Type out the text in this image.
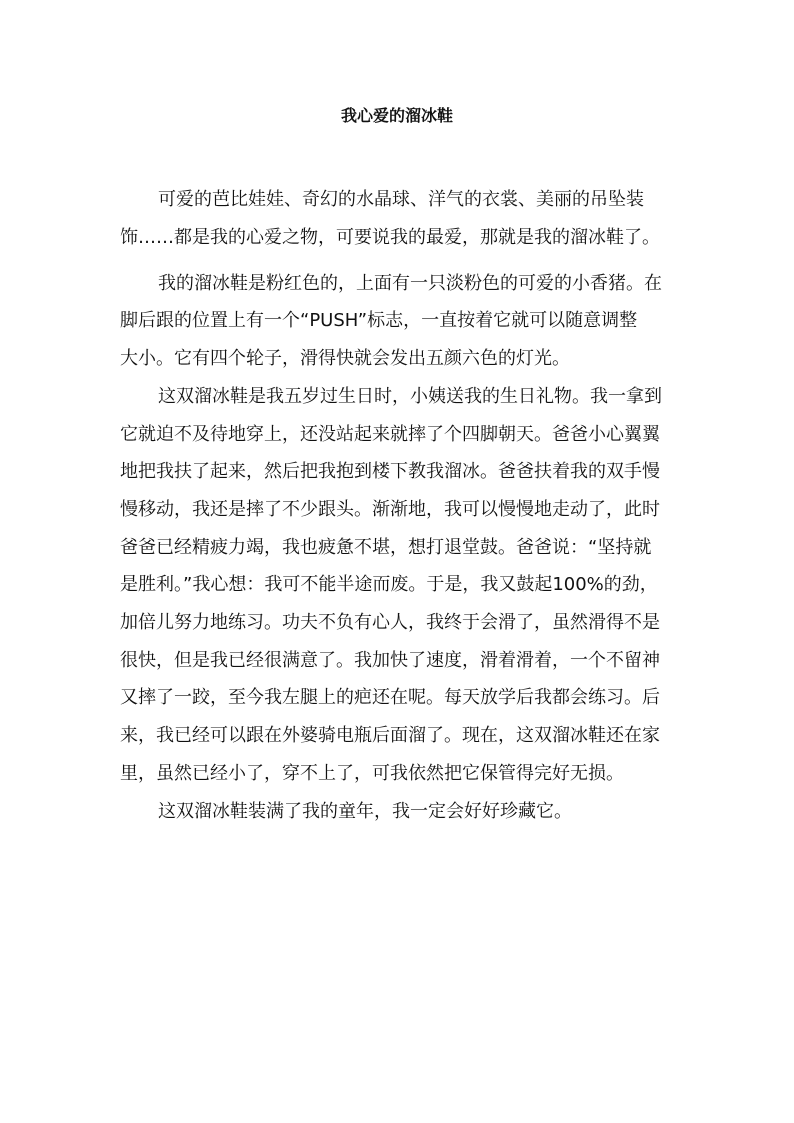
我心爱的溜冰鞋

可爱的芭比娃娃、奇幻的水晶球、洋气的衣裳、美丽的吊坠装

饰……都是我的心爱之物，可要说我的最爱，那就是我的溜冰鞋了。

我的溜冰鞋是粉红色的，上面有一只淡粉色的可爱的小香猪。在

脚后跟的位置上有一个“PUSH”标志，一直按着它就可以随意调整

大小。它有四个轮子，滑得快就会发出五颜六色的灯光。

这双溜冰鞋是我五岁过生日时，小姨送我的生日礼物。我一拿到

它就迫不及待地穿上，还没站起来就摔了个四脚朝天。爸爸小心翼翼

地把我扶了起来，然后把我抱到楼下教我溜冰。爸爸扶着我的双手慢

慢移动，我还是摔了不少跟头。渐渐地，我可以慢慢地走动了，此时

爸爸已经精疲力竭，我也疲惫不堪，想打退堂鼓。爸爸说：“坚持就

是胜利。”我心想：我可不能半途而废。于是，我又鼓起100%的劲，

加倍儿努力地练习。功夫不负有心人，我终于会滑了，虽然滑得不是

很快，但是我已经很满意了。我加快了速度，滑着滑着，一个不留神

又摔了一跤，至今我左腿上的疤还在呢。每天放学后我都会练习。后

来，我已经可以跟在外婆骑电瓶后面溜了。现在，这双溜冰鞋还在家

里，虽然已经小了，穿不上了，可我依然把它保管得完好无损。

这双溜冰鞋装满了我的童年，我一定会好好珍藏它。
